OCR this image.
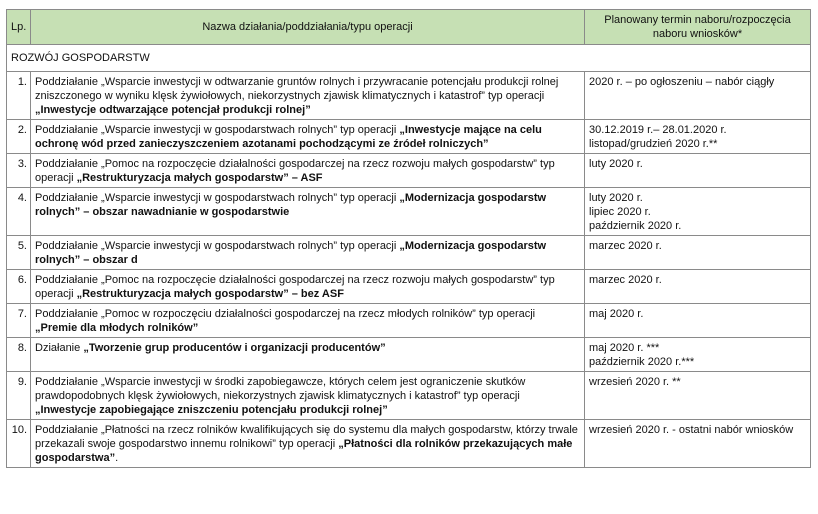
Lp.	Nazwa działania/poddziałania/typu operacji	Planowany termin naboru/rozpoczęcia naboru wniosków*
ROZWÓJ GOSPODARSTW		
1.	Poddziałanie „Wsparcie inwestycji w odtwarzanie gruntów rolnych i przywracanie potencjału produkcji rolnej zniszczonego w wyniku klęsk żywiołowych, niekorzystnych zjawisk klimatycznych i katastrof” typ operacji „Inwestycje odtwarzające potencjał produkcji rolnej”	2020 r. – po ogłoszeniu – nabór ciągły

2.	Poddziałanie „Wsparcie inwestycji w gospodarstwach rolnych” typ operacji „Inwestycje mające na celu ochronę wód przed zanieczyszczeniem azotanami pochodzącymi ze źródeł rolniczych”	30.12.2019 r.– 28.01.2020 r.
listopad/grudzień 2020 r.**

3.	Poddziałanie „Pomoc na rozpoczęcie działalności gospodarczej na rzecz rozwoju małych gospodarstw” typ operacji „Restrukturyzacja małych gospodarstw” – ASF	luty 2020 r.

4.	Poddziałanie „Wsparcie inwestycji w gospodarstwach rolnych” typ operacji „Modernizacja gospodarstw rolnych” – obszar nawadnianie w gospodarstwie	luty 2020 r.
lipiec 2020 r.
październik 2020 r.

5.	Poddziałanie „Wsparcie inwestycji w gospodarstwach rolnych” typ operacji „Modernizacja gospodarstw rolnych” – obszar d	marzec 2020 r.

6.	Poddziałanie „Pomoc na rozpoczęcie działalności gospodarczej na rzecz rozwoju małych gospodarstw” typ operacji „Restrukturyzacja małych gospodarstw” – bez ASF	marzec 2020 r.

7.	Poddziałanie „Pomoc w rozpoczęciu działalności gospodarczej na rzecz młodych rolników” typ operacji „Premie dla młodych rolników”	maj 2020 r.

8.	Działanie „Tworzenie grup producentów i organizacji producentów”	maj 2020 r. ***
październik 2020 r.***

9.	Poddziałanie „Wsparcie inwestycji w środki zapobiegawcze, których celem jest ograniczenie skutków prawdopodobnych klęsk żywiołowych, niekorzystnych zjawisk klimatycznych i katastrof” typ operacji „Inwestycje zapobiegające zniszczeniu potencjału produkcji rolnej”	wrzesień 2020 r. **

10.	Poddziałanie „Płatności na rzecz rolników kwalifikujących się do systemu dla małych gospodarstw, którzy trwale przekazali swoje gospodarstwo innemu rolnikowi” typ operacji „Płatności dla rolników przekazujących małe gospodarstwa”.	wrzesień 2020 r. - ostatni nabór wniosków
